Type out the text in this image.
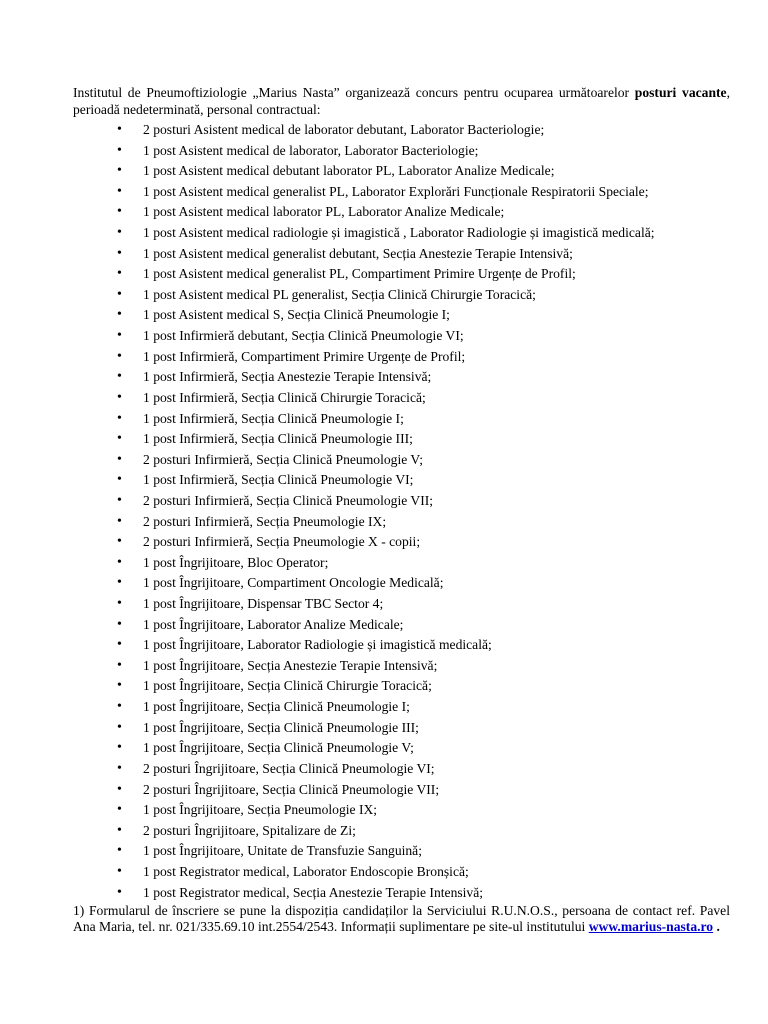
Institutul de Pneumoftiziologie „Marius Nasta” organizează concurs pentru ocuparea următoarelor posturi vacante, perioadă nedeterminată, personal contractual:

• 2 posturi Asistent medical de laborator debutant, Laborator Bacteriologie;
• 1 post Asistent medical de laborator, Laborator Bacteriologie;
• 1 post Asistent medical debutant laborator PL, Laborator Analize Medicale;
• 1 post Asistent medical generalist PL, Laborator Explorări Funcționale Respiratorii Speciale;
• 1 post Asistent medical laborator PL, Laborator Analize Medicale;
• 1 post Asistent medical radiologie și imagistică , Laborator Radiologie și imagistică medicală;
• 1 post Asistent medical generalist debutant, Secția Anestezie Terapie Intensivă;
• 1 post Asistent medical generalist PL, Compartiment Primire Urgențe de Profil;
• 1 post Asistent medical PL generalist, Secția Clinică Chirurgie Toracică;
• 1 post Asistent medical S, Secția Clinică Pneumologie I;
• 1 post Infirmieră debutant, Secția Clinică Pneumologie VI;
• 1 post Infirmieră, Compartiment Primire Urgențe de Profil;
• 1 post Infirmieră, Secția Anestezie Terapie Intensivă;
• 1 post Infirmieră, Secția Clinică Chirurgie Toracică;
• 1 post Infirmieră, Secția Clinică Pneumologie I;
• 1 post Infirmieră, Secția Clinică Pneumologie III;
• 2 posturi Infirmieră, Secția Clinică Pneumologie V;
• 1 post Infirmieră, Secția Clinică Pneumologie VI;
• 2 posturi Infirmieră, Secția Clinică Pneumologie VII;
• 2 posturi Infirmieră, Secția Pneumologie IX;
• 2 posturi Infirmieră, Secția Pneumologie X - copii;
• 1 post Îngrijitoare, Bloc Operator;
• 1 post Îngrijitoare, Compartiment Oncologie Medicală;
• 1 post Îngrijitoare, Dispensar TBC Sector 4;
• 1 post Îngrijitoare, Laborator Analize Medicale;
• 1 post Îngrijitoare, Laborator Radiologie și imagistică medicală;
• 1 post Îngrijitoare, Secția Anestezie Terapie Intensivă;
• 1 post Îngrijitoare, Secția Clinică Chirurgie Toracică;
• 1 post Îngrijitoare, Secția Clinică Pneumologie I;
• 1 post Îngrijitoare, Secția Clinică Pneumologie III;
• 1 post Îngrijitoare, Secția Clinică Pneumologie V;
• 2 posturi Îngrijitoare, Secția Clinică Pneumologie VI;
• 2 posturi Îngrijitoare, Secția Clinică Pneumologie VII;
• 1 post Îngrijitoare, Secția Pneumologie IX;
• 2 posturi Îngrijitoare, Spitalizare de Zi;
• 1 post Îngrijitoare, Unitate de Transfuzie Sanguină;
• 1 post Registrator medical, Laborator Endoscopie Bronșică;
• 1 post Registrator medical, Secția Anestezie Terapie Intensivă;

1) Formularul de înscriere se pune la dispoziția candidaților la Serviciului R.U.N.O.S., persoana de contact ref. Pavel Ana Maria, tel. nr. 021/335.69.10 int.2554/2543. Informații suplimentare pe site-ul institutului www.marius-nasta.ro .
